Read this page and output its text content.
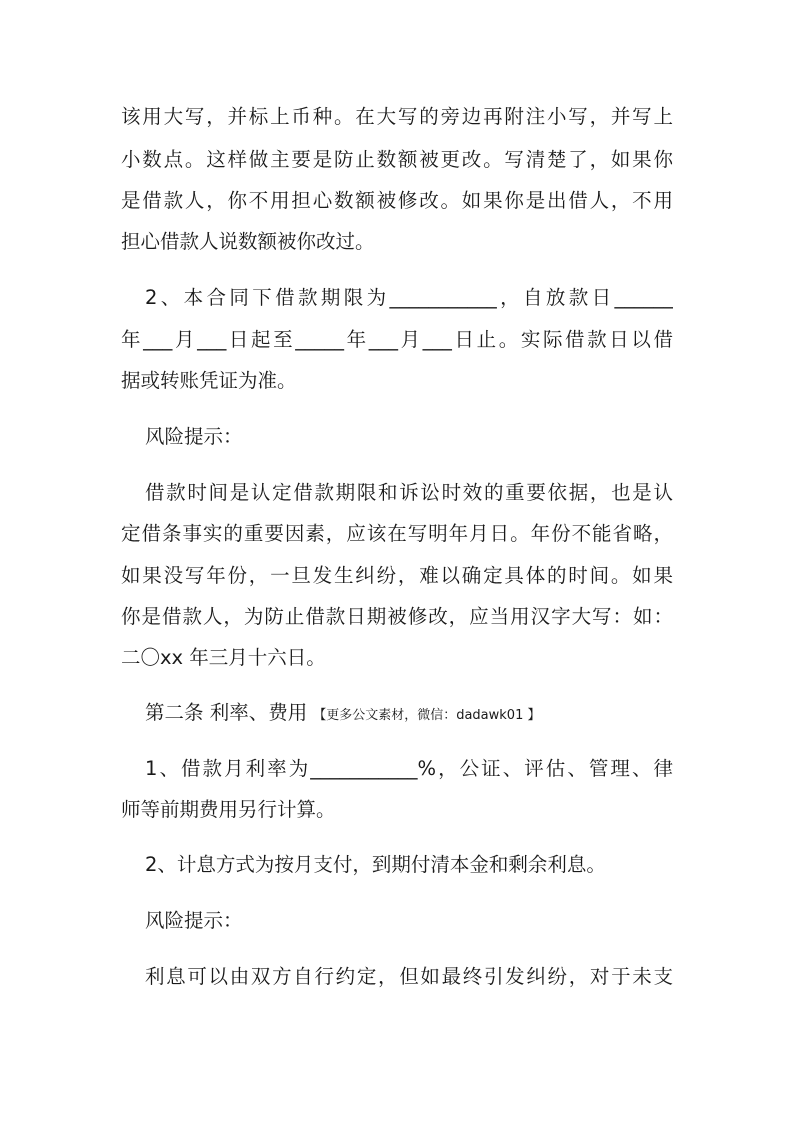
该用大写，并标上币种。在大写的旁边再附注小写，并写上
小数点。这样做主要是防止数额被更改。写清楚了，如果你
是借款人，你不用担心数额被修改。如果你是出借人，不用
担心借款人说数额被你改过。
2、本合同下借款期限为___________，自放款日______
年___月___日起至_____年___月___日止。实际借款日以借
据或转账凭证为准。
风险提示：
借款时间是认定借款期限和诉讼时效的重要依据，也是认
定借条事实的重要因素，应该在写明年月日。年份不能省略，
如果没写年份，一旦发生纠纷，难以确定具体的时间。如果
你是借款人，为防止借款日期被修改，应当用汉字大写：如：
二〇xx 年三月十六日。
第二条 利率、费用 【更多公文素材，微信：dadawk01 】
1、借款月利率为___________%，公证、评估、管理、律
师等前期费用另行计算。
2、计息方式为按月支付，到期付清本金和剩余利息。
风险提示：
利息可以由双方自行约定，但如最终引发纠纷，对于未支
